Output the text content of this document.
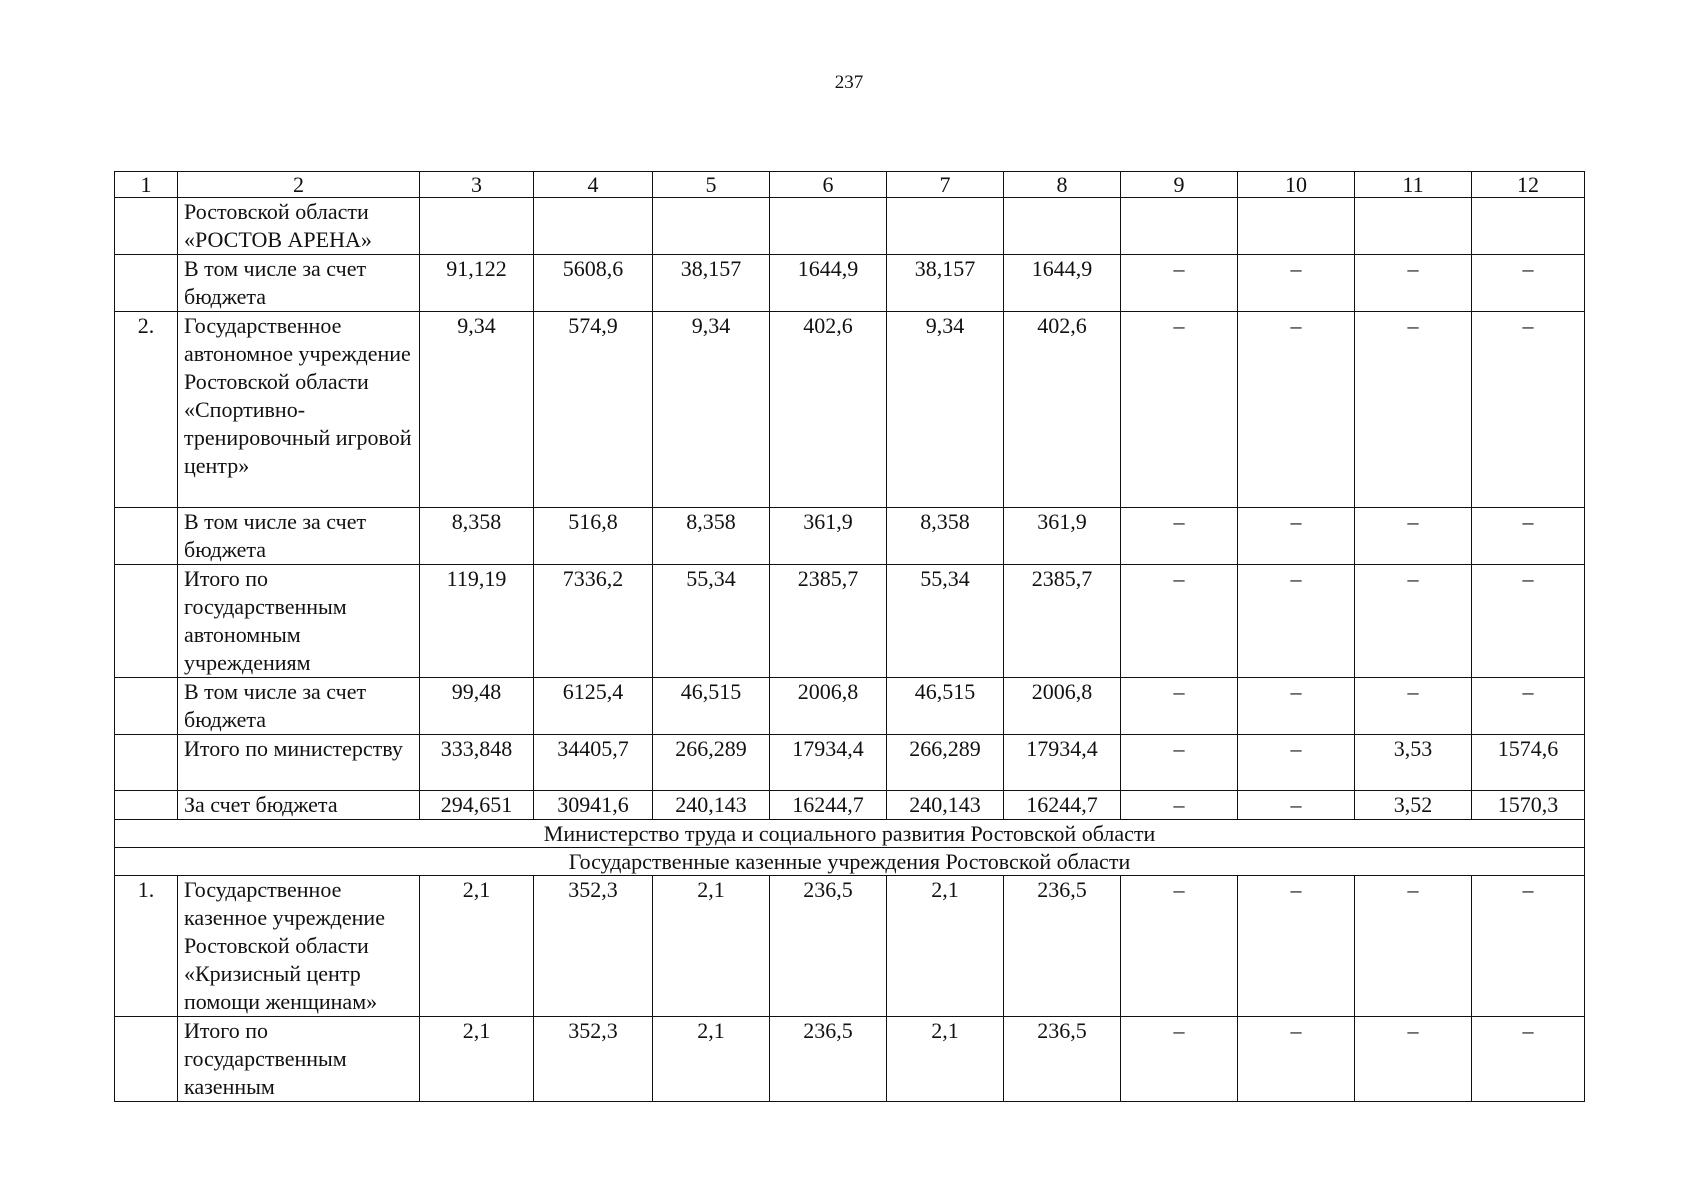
237
1	2	3	4	5	6	7	8	9	10	11	12
	Ростовской области «РОСТОВ АРЕНА»										
	В том числе за счет бюджета	91,122	5608,6	38,157	1644,9	38,157	1644,9	–	–	–	–
2.	Государственное автономное учреждение Ростовской области «Спортивно-тренировочный игровой центр»	9,34	574,9	9,34	402,6	9,34	402,6	–	–	–	–
	В том числе за счет бюджета	8,358	516,8	8,358	361,9	8,358	361,9	–	–	–	–
	Итого по государственным автономным учреждениям	119,19	7336,2	55,34	2385,7	55,34	2385,7	–	–	–	–
	В том числе за счет бюджета	99,48	6125,4	46,515	2006,8	46,515	2006,8	–	–	–	–
	Итого по министерству	333,848	34405,7	266,289	17934,4	266,289	17934,4	–	–	3,53	1574,6
	За счет бюджета	294,651	30941,6	240,143	16244,7	240,143	16244,7	–	–	3,52	1570,3
Министерство труда и социального развития Ростовской области											
Государственные казенные учреждения Ростовской области											
1.	Государственное казенное учреждение Ростовской области «Кризисный центр помощи женщинам»	2,1	352,3	2,1	236,5	2,1	236,5	–	–	–	–
	Итого по государственным казенным	2,1	352,3	2,1	236,5	2,1	236,5	–	–	–	–
